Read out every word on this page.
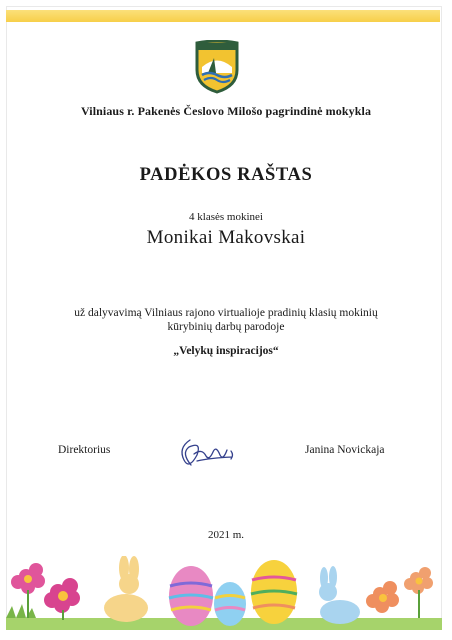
Vilniaus r. Pakenės Česlovo Milošo pagrindinė mokykla
PADĖKOS RAŠTAS
4 klasės mokinei
Monikai Makovskai
už dalyvavimą Vilniaus rajono virtualioje pradinių klasių mokinių
kūrybinių darbų parodoje
„Velykų inspiracijos“
Direktorius	Janina Novickaja
2021 m.
